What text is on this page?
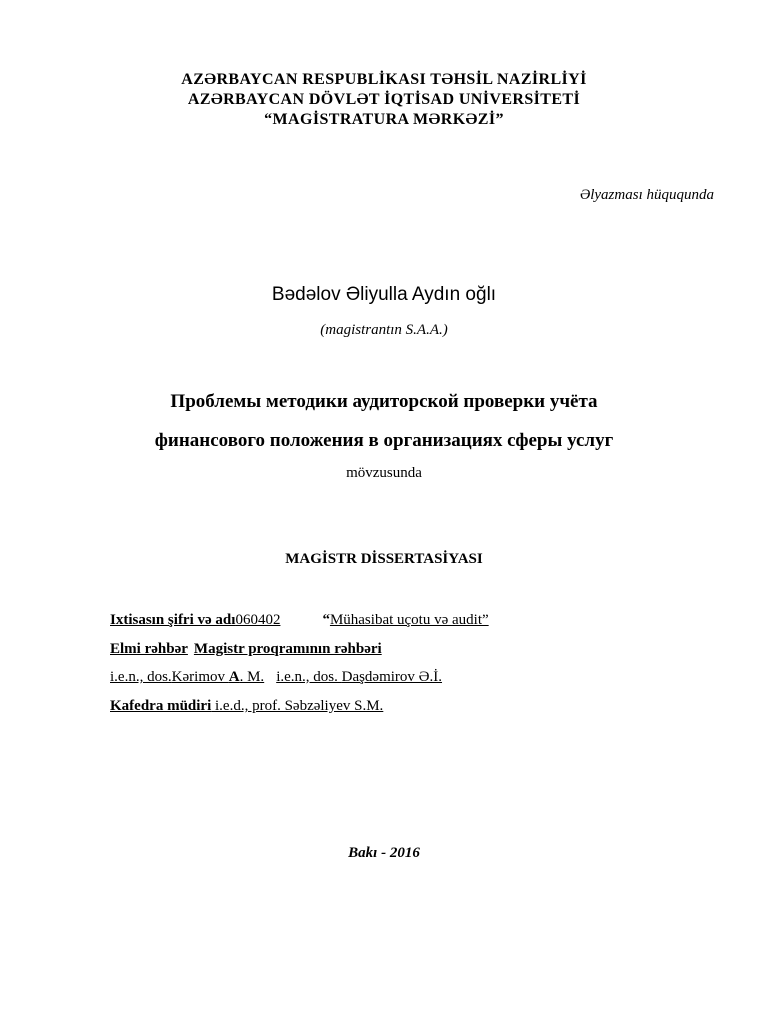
AZƏRBAYCAN RESPUBLİKASI TƏHSİL NAZİRLİYİ
AZƏRBAYCAN DÖVLƏT İQTİSAD UNİVERSİTETİ
“MAGİSTRATURA MƏRKƏZİ”
Əlyazması hüququnda
Bədəlov Əliyulla Aydın oğlı
(magistrantın S.A.A.)
Проблемы методики аудиторской проверки учёта
финансового положения в организациях сферы услуг
mövzusunda
MAGİSTR DİSSERTASİYASI
Ixtisasın şifri və adı060402	“Mühasibat uçotu və audit”
Elmi rəhbər Magistr proqramının rəhbəri
i.e.n., dos.Kərimov A. M. i.e.n., dos. Daşdəmirov Ə.İ.
Kafedra müdiri i.e.d., prof. Səbzəliyev S.M.
Bakı - 2016
